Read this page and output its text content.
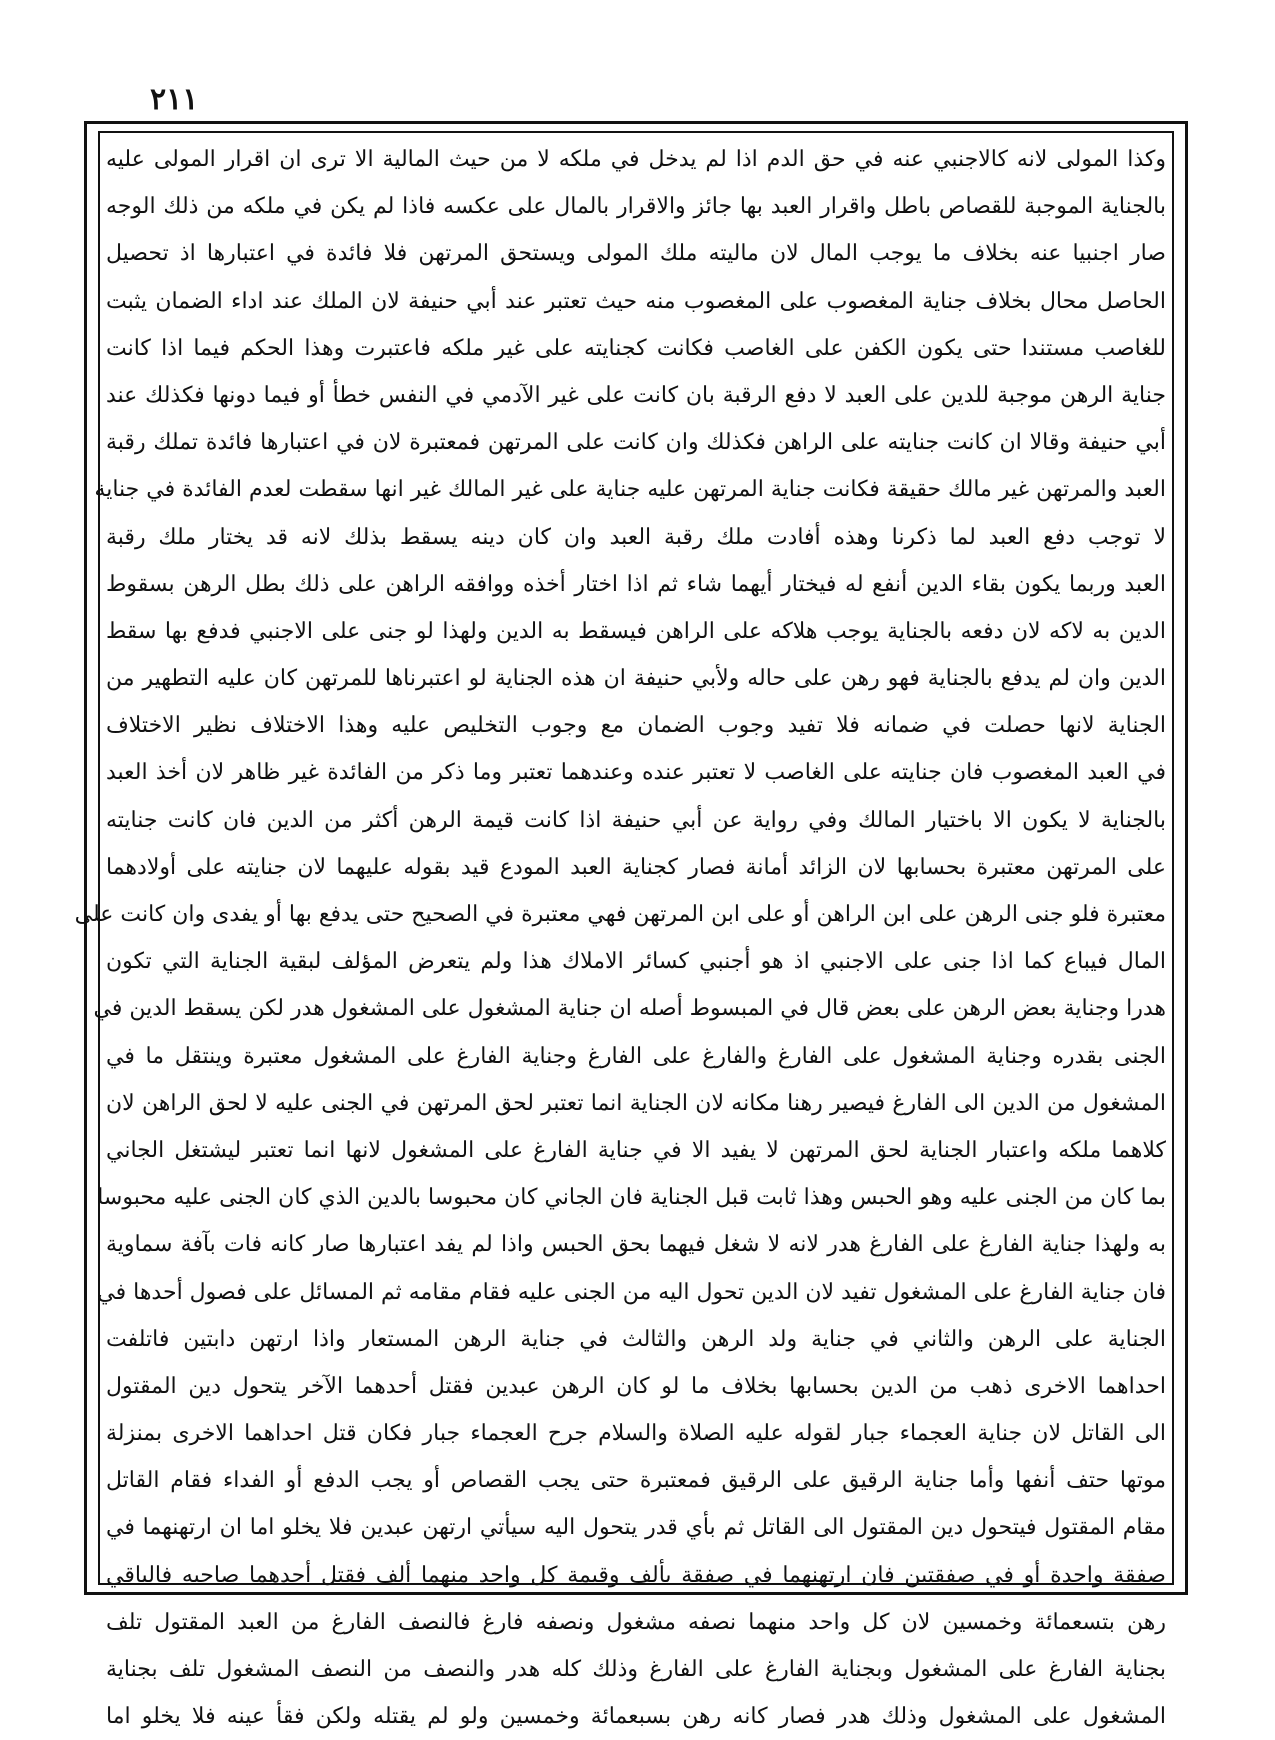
٢١١
وكذا المولى لانه كالاجنبي عنه في حق الدم اذا لم يدخل في ملكه لا من حيث المالية الا ترى ان اقرار المولى عليه
بالجناية الموجبة للقصاص باطل واقرار العبد بها جائز والاقرار بالمال على عكسه فاذا لم يكن في ملكه من ذلك الوجه
صار اجنبيا عنه بخلاف ما يوجب المال لان ماليته ملك المولى ويستحق المرتهن فلا فائدة في اعتبارها اذ تحصيل
الحاصل محال بخلاف جناية المغصوب على المغصوب منه حيث تعتبر عند أبي حنيفة لان الملك عند اداء الضمان يثبت
للغاصب مستندا حتى يكون الكفن على الغاصب فكانت كجنايته على غير ملكه فاعتبرت وهذا الحكم فيما اذا كانت
جناية الرهن موجبة للدين على العبد لا دفع الرقبة بان كانت على غير الآدمي في النفس خطأ أو فيما دونها فكذلك عند
أبي حنيفة وقالا ان كانت جنايته على الراهن فكذلك وان كانت على المرتهن فمعتبرة لان في اعتبارها فائدة تملك رقبة
العبد والمرتهن غير مالك حقيقة فكانت جناية المرتهن عليه جناية على غير المالك غير انها سقطت لعدم الفائدة في جناية
لا توجب دفع العبد لما ذكرنا وهذه أفادت ملك رقبة العبد وان كان دينه يسقط بذلك لانه قد يختار ملك رقبة
العبد وربما يكون بقاء الدين أنفع له فيختار أيهما شاء ثم اذا اختار أخذه ووافقه الراهن على ذلك بطل الرهن بسقوط
الدين به لاكه لان دفعه بالجناية يوجب هلاكه على الراهن فيسقط به الدين ولهذا لو جنى على الاجنبي فدفع بها سقط
الدين وان لم يدفع بالجناية فهو رهن على حاله ولأبي حنيفة ان هذه الجناية لو اعتبرناها للمرتهن كان عليه التطهير من
الجناية لانها حصلت في ضمانه فلا تفيد وجوب الضمان مع وجوب التخليص عليه وهذا الاختلاف نظير الاختلاف
في العبد المغصوب فان جنايته على الغاصب لا تعتبر عنده وعندهما تعتبر وما ذكر من الفائدة غير ظاهر لان أخذ العبد
بالجناية لا يكون الا باختيار المالك وفي رواية عن أبي حنيفة اذا كانت قيمة الرهن أكثر من الدين فان كانت جنايته
على المرتهن معتبرة بحسابها لان الزائد أمانة فصار كجناية العبد المودع قيد بقوله عليهما لان جنايته على أولادهما
معتبرة فلو جنى الرهن على ابن الراهن أو على ابن المرتهن فهي معتبرة في الصحيح حتى يدفع بها أو يفدى وان كانت على
المال فيباع كما اذا جنى على الاجنبي اذ هو أجنبي كسائر الاملاك هذا ولم يتعرض المؤلف لبقية الجناية التي تكون
هدرا وجناية بعض الرهن على بعض قال في المبسوط أصله ان جناية المشغول على المشغول هدر لكن يسقط الدين في
الجنى بقدره وجناية المشغول على الفارغ والفارغ على الفارغ وجناية الفارغ على المشغول معتبرة وينتقل ما في
المشغول من الدين الى الفارغ فيصير رهنا مكانه لان الجناية انما تعتبر لحق المرتهن في الجنى عليه لا لحق الراهن لان
كلاهما ملكه واعتبار الجناية لحق المرتهن لا يفيد الا في جناية الفارغ على المشغول لانها انما تعتبر ليشتغل الجاني
بما كان من الجنى عليه وهو الحبس وهذا ثابت قبل الجناية فان الجاني كان محبوسا بالدين الذي كان الجنى عليه محبوسا
به ولهذا جناية الفارغ على الفارغ هدر لانه لا شغل فيهما بحق الحبس واذا لم يفد اعتبارها صار كانه فات بآفة سماوية
فان جناية الفارغ على المشغول تفيد لان الدين تحول اليه من الجنى عليه فقام مقامه ثم المسائل على فصول أحدها في
الجناية على الرهن والثاني في جناية ولد الرهن والثالث في جناية الرهن المستعار واذا ارتهن دابتين فاتلفت
احداهما الاخرى ذهب من الدين بحسابها بخلاف ما لو كان الرهن عبدين فقتل أحدهما الآخر يتحول دين المقتول
الى القاتل لان جناية العجماء جبار لقوله عليه الصلاة والسلام جرح العجماء جبار فكان قتل احداهما الاخرى بمنزلة
موتها حتف أنفها وأما جناية الرقيق على الرقيق فمعتبرة حتى يجب القصاص أو يجب الدفع أو الفداء فقام القاتل
مقام المقتول فيتحول دين المقتول الى القاتل ثم بأي قدر يتحول اليه سيأتي ارتهن عبدين فلا يخلو اما ان ارتهنهما في
صفقة واحدة أو في صفقتين فان ارتهنهما في صفقة بألف وقيمة كل واحد منهما ألف فقتل أحدهما صاحبه فالباقي
رهن بتسعمائة وخمسين لان كل واحد منهما نصفه مشغول ونصفه فارغ فالنصف الفارغ من العبد المقتول تلف
بجناية الفارغ على المشغول وبجناية الفارغ على الفارغ وذلك كله هدر والنصف من النصف المشغول تلف بجناية
المشغول على المشغول وذلك هدر فصار كانه رهن بسبعمائة وخمسين ولو لم يقتله ولكن فقأ عينه فلا يخلو اما
